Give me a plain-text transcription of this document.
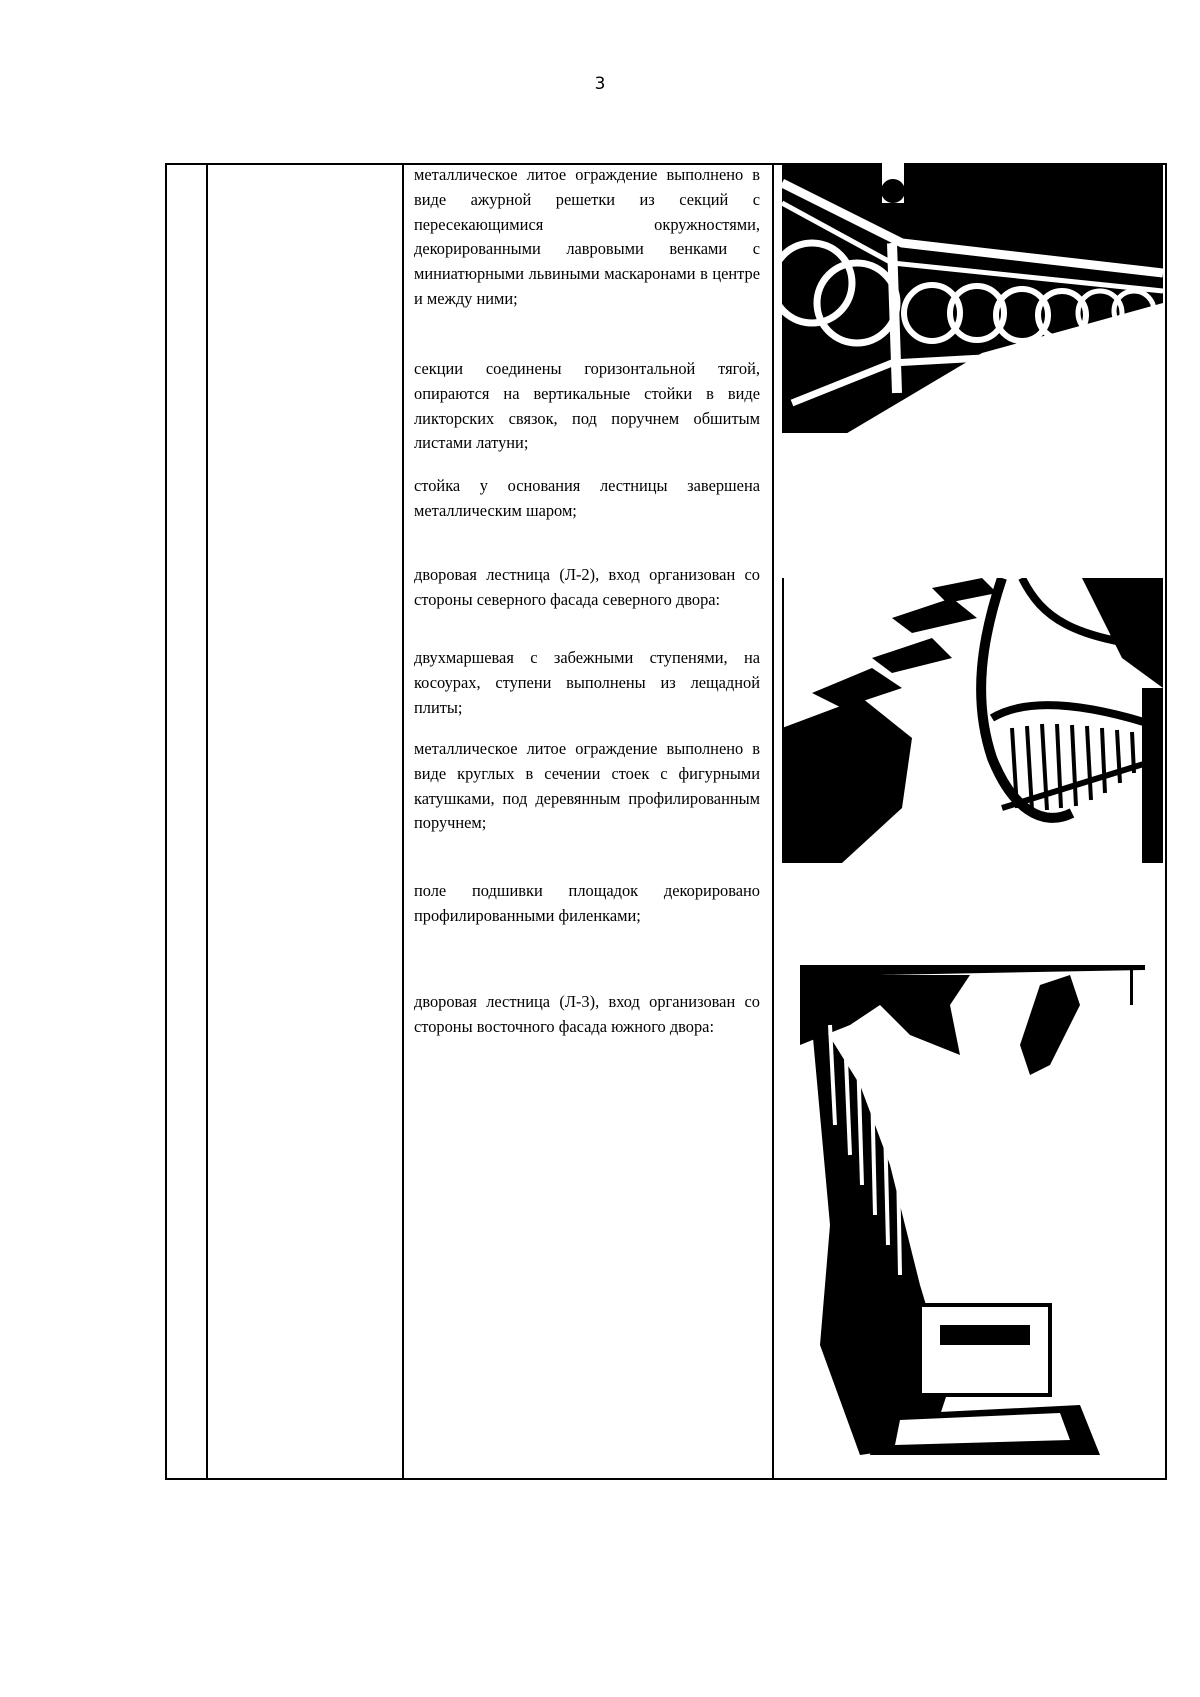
3
металлическое литое ограждение выполнено в виде ажурной решетки из секций с пересекающимися окружностями, декорированными лавровыми венками с миниатюрными львиными маскаронами в центре и между ними;
секции соединены горизонтальной тягой, опираются на вертикальные стойки в виде ликторских связок, под поручнем обшитым листами латуни;
стойка у основания лестницы завершена металлическим шаром;
дворовая лестница (Л-2), вход организован со стороны северного фасада северного двора:
двухмаршевая с забежными ступенями, на косоурах, ступени выполнены из лещадной плиты;
металлическое литое ограждение выполнено в виде круглых в сечении стоек с фигурными катушками, под деревянным профилированным поручнем;
поле подшивки площадок декорировано профилированными филенками;
дворовая лестница (Л-3), вход организован со стороны восточного фасада южного двора:
